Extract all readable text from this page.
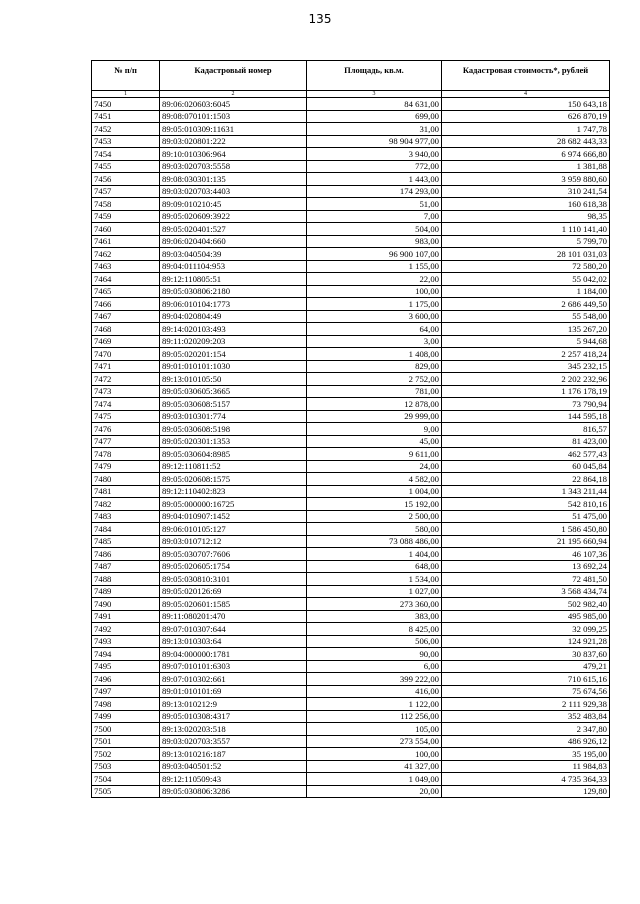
135
№ п/п	Кадастровый номер	Площадь, кв.м.	Кадастровая стоимость*, рублей
1	2	3	4
7450	89:06:020603:6045	84 631,00	150 643,18
7451	89:08:070101:1503	699,00	626 870,19
7452	89:05:010309:11631	31,00	1 747,78
7453	89:03:020801:222	98 904 977,00	28 682 443,33
7454	89:10:010306:964	3 940,00	6 974 666,80
7455	89:03:020703:5558	772,00	1 381,88
7456	89:08:030301:135	1 443,00	3 959 880,60
7457	89:03:020703:4403	174 293,00	310 241,54
7458	89:09:010210:45	51,00	160 618,38
7459	89:05:020609:3922	7,00	98,35
7460	89:05:020401:527	504,00	1 110 141,40
7461	89:06:020404:660	983,00	5 799,70
7462	89:03:040504:39	96 900 107,00	28 101 031,03
7463	89:04:011104:953	1 155,00	72 580,20
7464	89:12:110805:51	22,00	55 042,02
7465	89:05:030806:2180	100,00	1 184,00
7466	89:06:010104:1773	1 175,00	2 686 449,50
7467	89:04:020804:49	3 600,00	55 548,00
7468	89:14:020103:493	64,00	135 267,20
7469	89:11:020209:203	3,00	5 944,68
7470	89:05:020201:154	1 408,00	2 257 418,24
7471	89:01:010101:1030	829,00	345 232,15
7472	89:13:010105:50	2 752,00	2 202 232,96
7473	89:05:030605:3665	781,00	1 176 178,19
7474	89:05:030608:5157	12 878,00	73 790,94
7475	89:03:010301:774	29 999,00	144 595,18
7476	89:05:030608:5198	9,00	816,57
7477	89:05:020301:1353	45,00	81 423,00
7478	89:05:030604:8985	9 611,00	462 577,43
7479	89:12:110811:52	24,00	60 045,84
7480	89:05:020608:1575	4 582,00	22 864,18
7481	89:12:110402:823	1 004,00	1 343 211,44
7482	89:05:000000:16725	15 192,00	542 810,16
7483	89:04:010907:1452	2 500,00	51 475,00
7484	89:06:010105:127	580,00	1 586 450,80
7485	89:03:010712:12	73 088 486,00	21 195 660,94
7486	89:05:030707:7606	1 404,00	46 107,36
7487	89:05:020605:1754	648,00	13 692,24
7488	89:05:030810:3101	1 534,00	72 481,50
7489	89:05:020126:69	1 027,00	3 568 434,74
7490	89:05:020601:1585	273 360,00	502 982,40
7491	89:11:080201:470	383,00	495 985,00
7492	89:07:010307:644	8 425,00	32 099,25
7493	89:13:010303:64	506,00	124 921,28
7494	89:04:000000:1781	90,00	30 837,60
7495	89:07:010101:6303	6,00	479,21
7496	89:07:010302:661	399 222,00	710 615,16
7497	89:01:010101:69	416,00	75 674,56
7498	89:13:010212:9	1 122,00	2 111 929,38
7499	89:05:010308:4317	112 256,00	352 483,84
7500	89:13:020203:518	105,00	2 347,80
7501	89:03:020703:3557	273 554,00	486 926,12
7502	89:13:010216:187	100,00	35 195,00
7503	89:03:040501:52	41 327,00	11 984,83
7504	89:12:110509:43	1 049,00	4 735 364,33
7505	89:05:030806:3286	20,00	129,80
